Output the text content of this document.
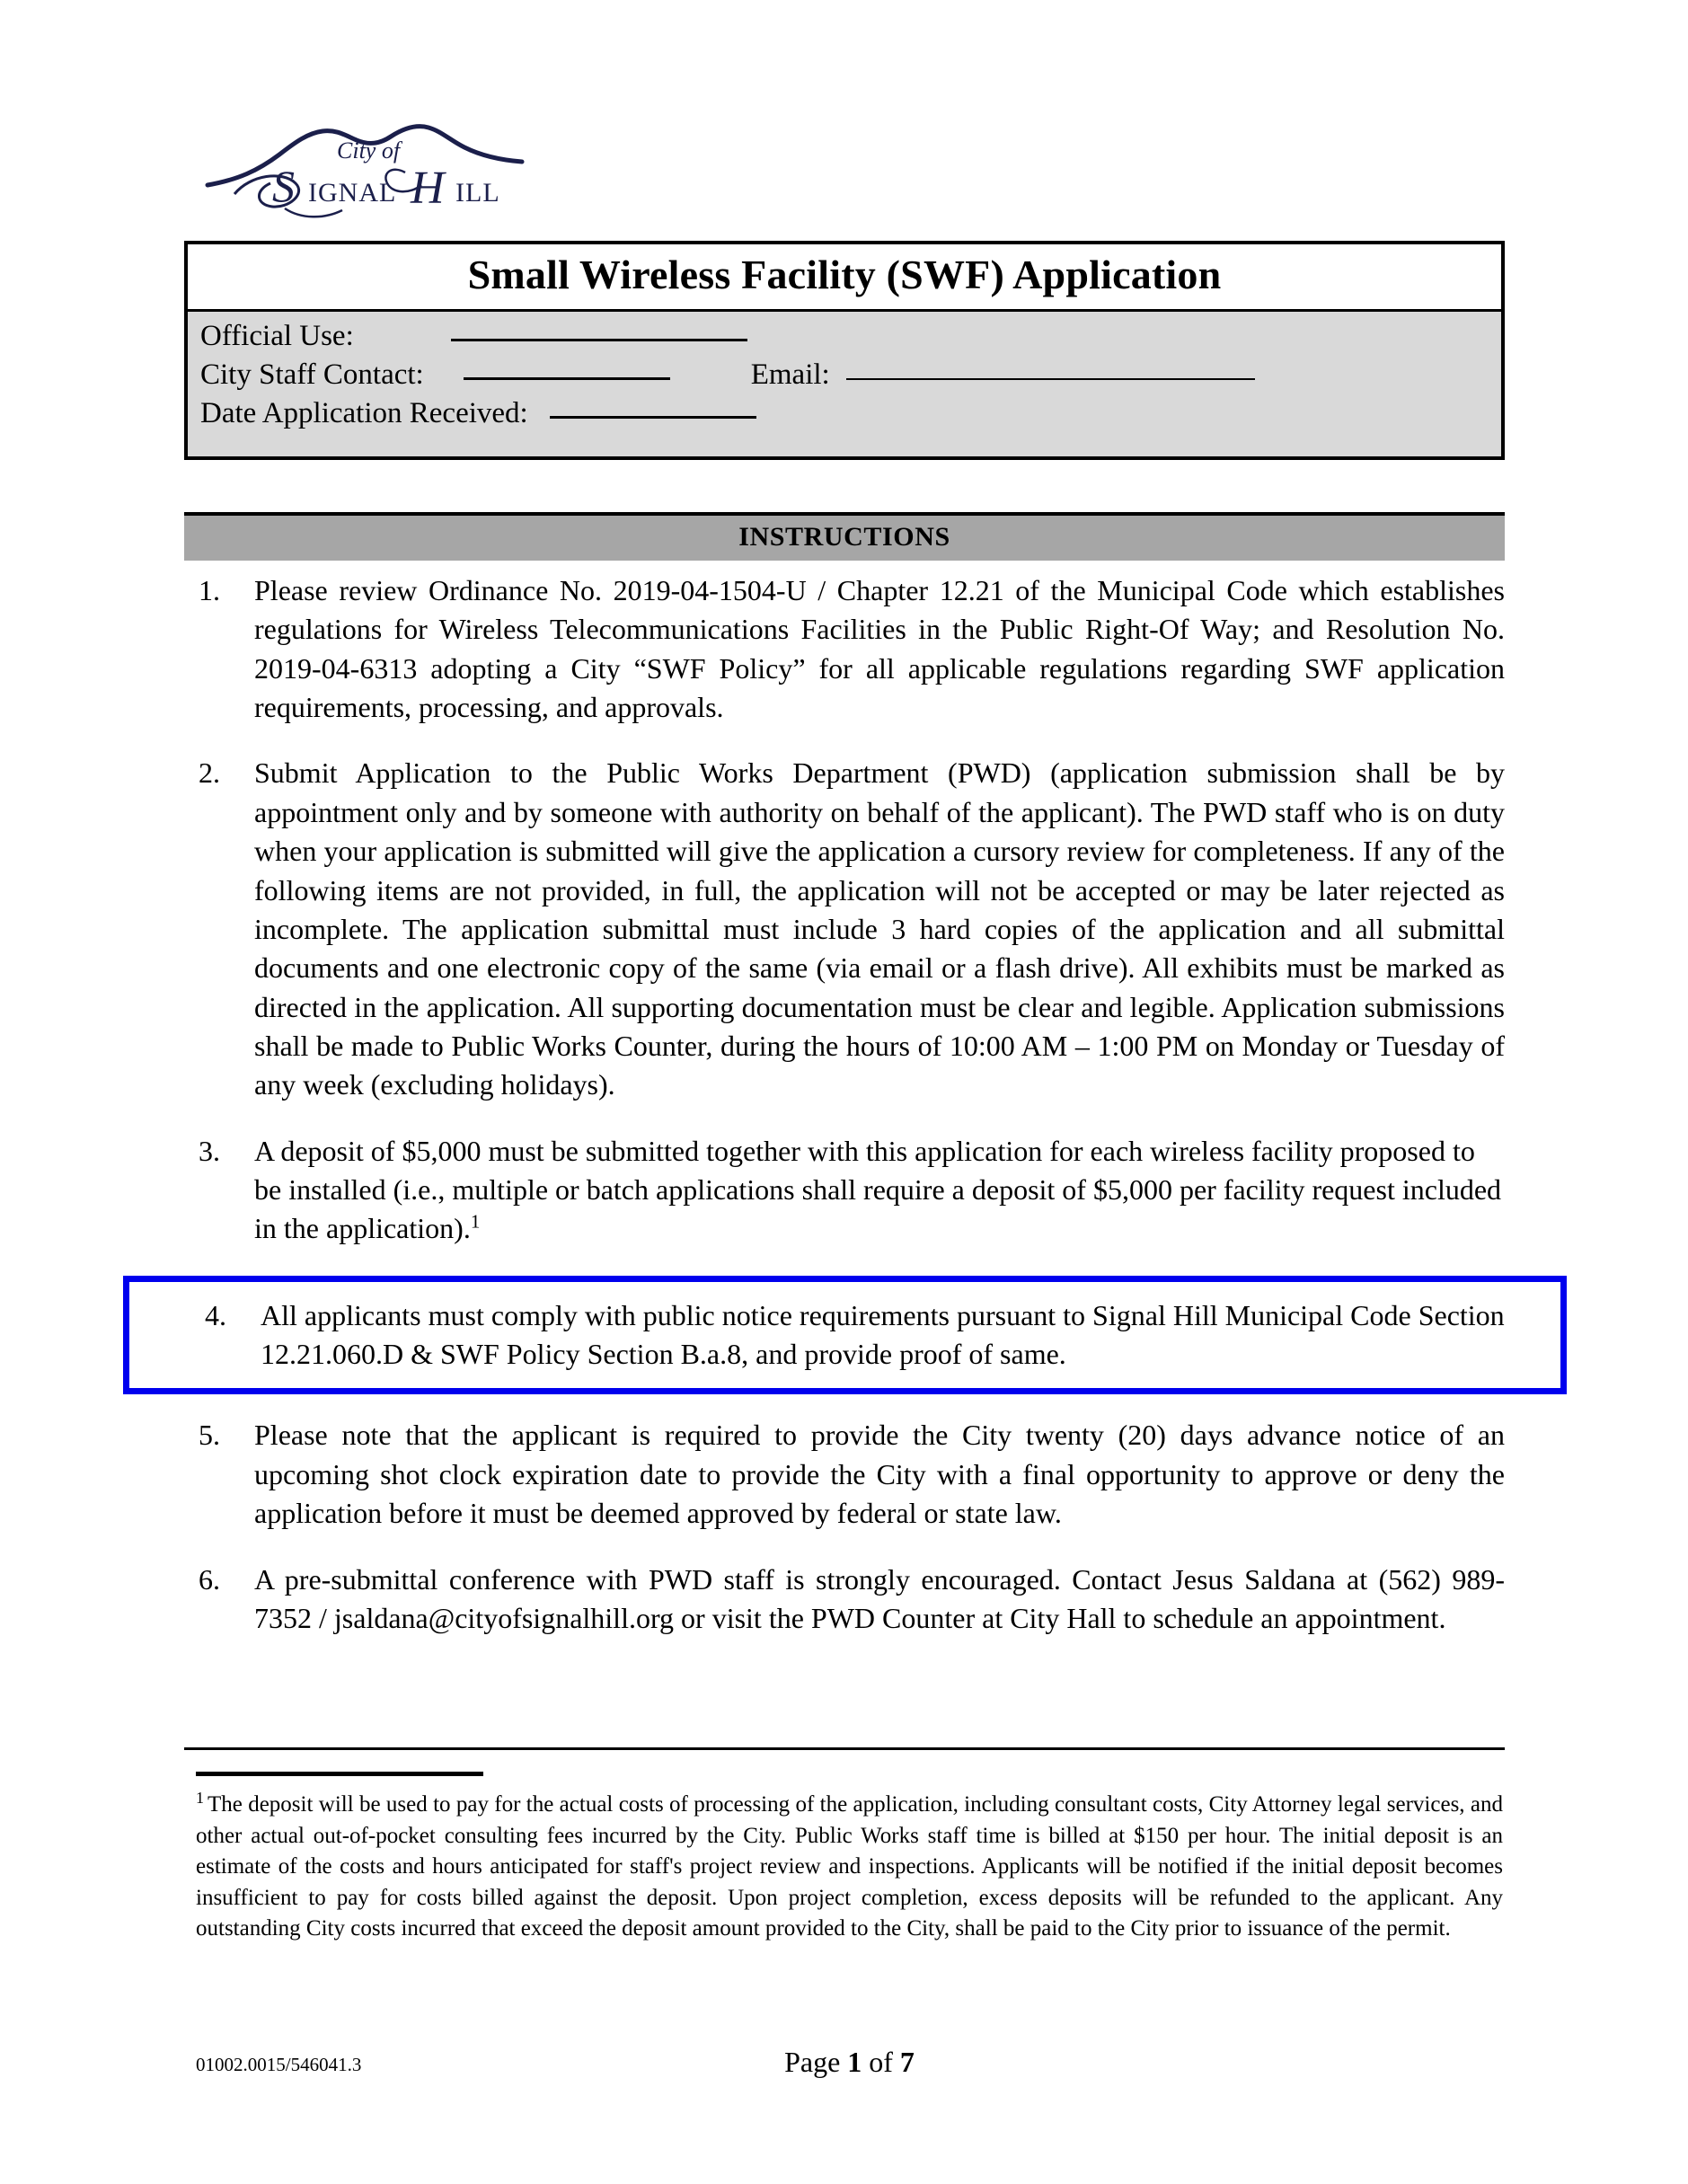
City of
S IGNAL H ILL
Small Wireless Facility (SWF) Application
Official Use:
City Staff Contact:	Email:
Date Application Received:
INSTRUCTIONS
1.	Please review Ordinance No. 2019-04-1504-U / Chapter 12.21 of the Municipal Code which establishes regulations for Wireless Telecommunications Facilities in the Public Right-Of Way; and Resolution No. 2019-04-6313 adopting a City “SWF Policy” for all applicable regulations regarding SWF application requirements, processing, and approvals.
2.	Submit Application to the Public Works Department (PWD) (application submission shall be by appointment only and by someone with authority on behalf of the applicant). The PWD staff who is on duty when your application is submitted will give the application a cursory review for completeness. If any of the following items are not provided, in full, the application will not be accepted or may be later rejected as incomplete. The application submittal must include 3 hard copies of the application and all submittal documents and one electronic copy of the same (via email or a flash drive). All exhibits must be marked as directed in the application. All supporting documentation must be clear and legible. Application submissions shall be made to Public Works Counter, during the hours of 10:00 AM – 1:00 PM on Monday or Tuesday of any week (excluding holidays).
3.	A deposit of $5,000 must be submitted together with this application for each wireless facility proposed to be installed (i.e., multiple or batch applications shall require a deposit of $5,000 per facility request included in the application).$^1$
4.	All applicants must comply with public notice requirements pursuant to Signal Hill Municipal Code Section 12.21.060.D & SWF Policy Section B.a.8, and provide proof of same.
5.	Please note that the applicant is required to provide the City twenty (20) days advance notice of an upcoming shot clock expiration date to provide the City with a final opportunity to approve or deny the application before it must be deemed approved by federal or state law.
6.	A pre-submittal conference with PWD staff is strongly encouraged. Contact Jesus Saldana at (562) 989-7352 / jsaldana@cityofsignalhill.org or visit the PWD Counter at City Hall to schedule an appointment.
$^1$ The deposit will be used to pay for the actual costs of processing of the application, including consultant costs, City Attorney legal services, and other actual out-of-pocket consulting fees incurred by the City. Public Works staff time is billed at $150 per hour. The initial deposit is an estimate of the costs and hours anticipated for staff's project review and inspections. Applicants will be notified if the initial deposit becomes insufficient to pay for costs billed against the deposit. Upon project completion, excess deposits will be refunded to the applicant. Any outstanding City costs incurred that exceed the deposit amount provided to the City, shall be paid to the City prior to issuance of the permit.
01002.0015/546041.3	Page 1 of 7
